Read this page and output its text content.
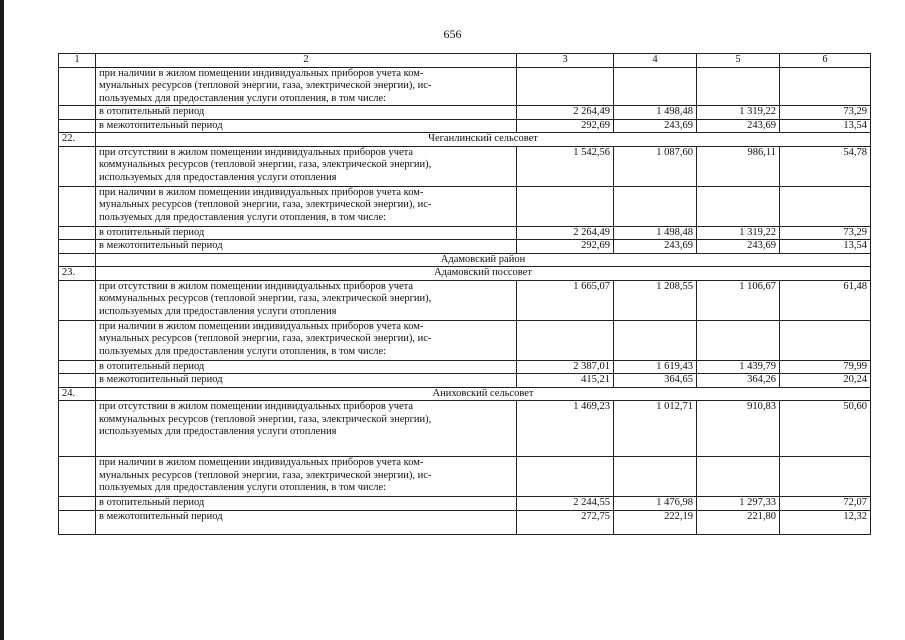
656
1	2	3	4	5	6
	при наличии в жилом помещении индивидуальных приборов учета ком-
мунальных ресурсов (тепловой энергии, газа, электрической энергии), ис-
пользуемых для предоставления услуги отопления, в том числе:				
	в отопительный период	2 264,49	1 498,48	1 319,22	73,29
	в межотопительный период	292,69	243,69	243,69	13,54
22.	Чеганлинский сельсовет				
	при отсутствии в жилом помещении индивидуальных приборов учета
коммунальных ресурсов (тепловой энергии, газа, электрической энергии),
используемых для предоставления услуги отопления	1 542,56	1 087,60	986,11	54,78
	при наличии в жилом помещении индивидуальных приборов учета ком-
мунальных ресурсов (тепловой энергии, газа, электрической энергии), ис-
пользуемых для предоставления услуги отопления, в том числе:				
	в отопительный период	2 264,49	1 498,48	1 319,22	73,29
	в межотопительный период	292,69	243,69	243,69	13,54
	Адамовский район				
23.	Адамовский поссовет				
	при отсутствии в жилом помещении индивидуальных приборов учета
коммунальных ресурсов (тепловой энергии, газа, электрической энергии),
используемых для предоставления услуги отопления	1 665,07	1 208,55	1 106,67	61,48
	при наличии в жилом помещении индивидуальных приборов учета ком-
мунальных ресурсов (тепловой энергии, газа, электрической энергии), ис-
пользуемых для предоставления услуги отопления, в том числе:				
	в отопительный период	2 387,01	1 619,43	1 439,79	79,99
	в межотопительный период	415,21	364,65	364,26	20,24
24.	Аниховский сельсовет				
	при отсутствии в жилом помещении индивидуальных приборов учета
коммунальных ресурсов (тепловой энергии, газа, электрической энергии),
используемых для предоставления услуги отопления	1 469,23	1 012,71	910,83	50,60
	при наличии в жилом помещении индивидуальных приборов учета ком-
мунальных ресурсов (тепловой энергии, газа, электрической энергии), ис-
пользуемых для предоставления услуги отопления, в том числе:				
	в отопительный период	2 244,55	1 476,98	1 297,33	72,07
	в межотопительный период	272,75	222,19	221,80	12,32
